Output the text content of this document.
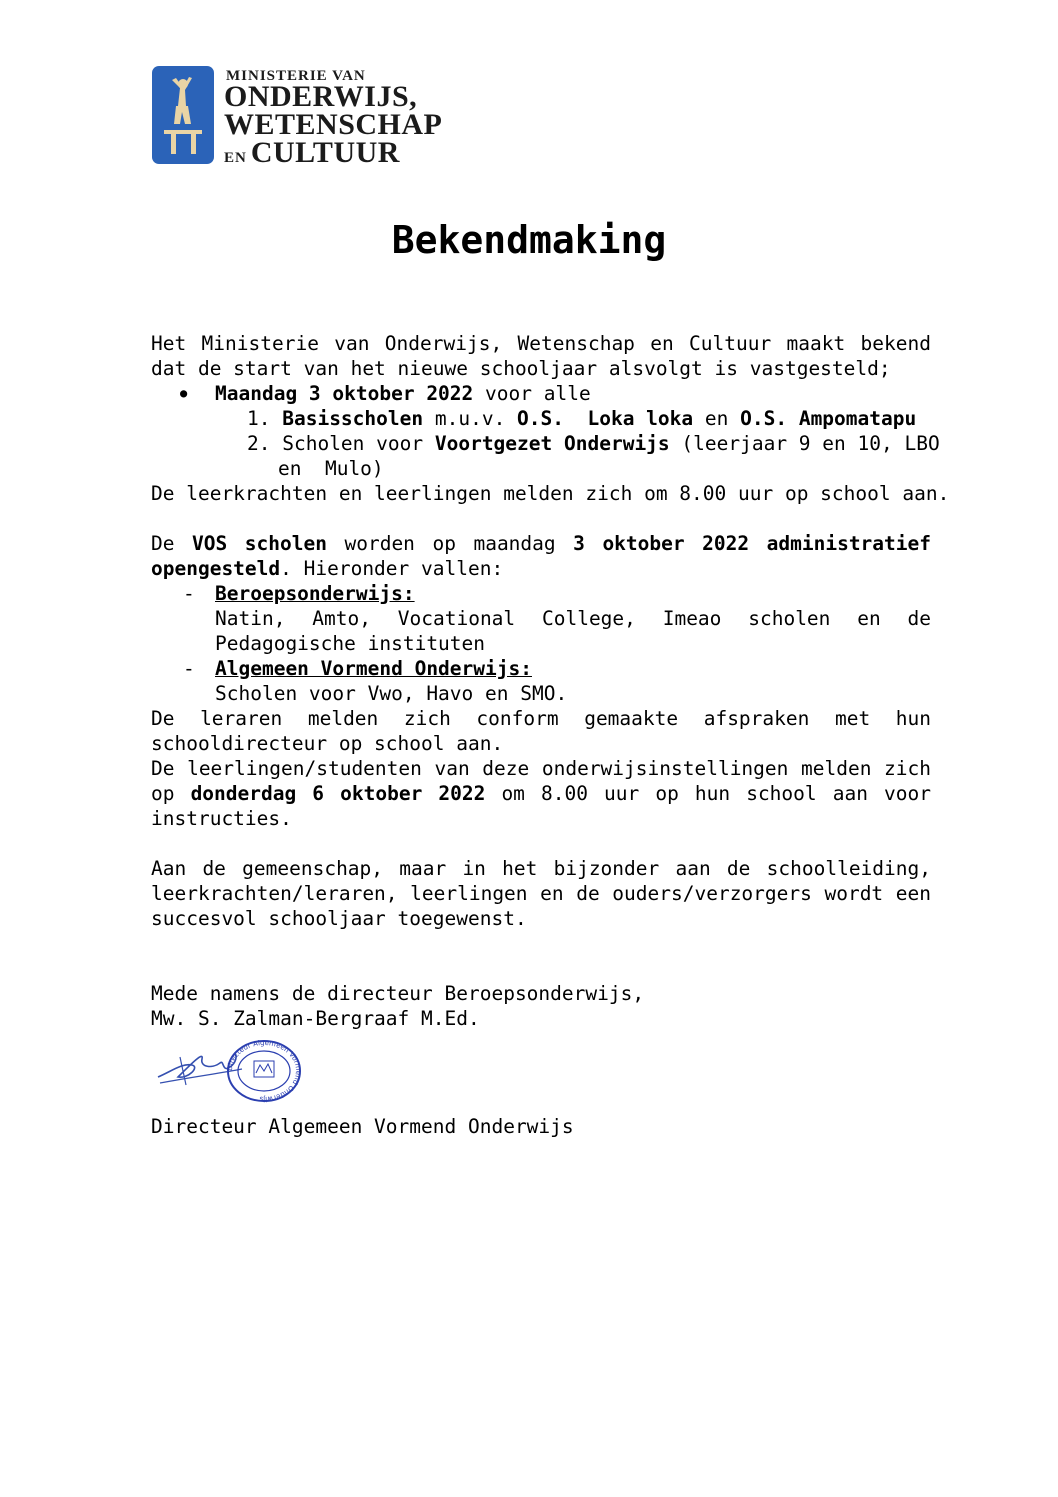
MINISTERIE VAN
ONDERWIJS,
WETENSCHAP
EN CULTUUR
Bekendmaking
Het Ministerie van Onderwijs, Wetenschap en Cultuur maakt bekend
dat de start van het nieuwe schooljaar alsvolgt is vastgesteld;
● Maandag 3 oktober 2022 voor alle
1. Basisscholen m.u.v. O.S.  Loka loka en O.S. Ampomatapu
2. Scholen voor Voortgezet Onderwijs (leerjaar 9 en 10, LBO
en  Mulo)
De leerkrachten en leerlingen melden zich om 8.00 uur op school aan.
De VOS scholen worden op maandag 3 oktober 2022 administratief
opengesteld. Hieronder vallen:
- Beroepsonderwijs:
Natin, Amto, Vocational College, Imeao scholen en de
Pedagogische instituten
- Algemeen Vormend Onderwijs:
Scholen voor Vwo, Havo en SMO.
De leraren melden zich conform gemaakte afspraken met hun
schooldirecteur op school aan.
De leerlingen/studenten van deze onderwijsinstellingen melden zich
op donderdag 6 oktober 2022 om 8.00 uur op hun school aan voor
instructies.
Aan de gemeenschap, maar in het bijzonder aan de schoolleiding,
leerkrachten/leraren, leerlingen en de ouders/verzorgers wordt een
succesvol schooljaar toegewenst.
Mede namens de directeur Beroepsonderwijs,
Mw. S. Zalman-Bergraaf M.Ed.
Directeur Algemeen Vormend Onderwijs
Directeur Algemeen Vormend Onderwijs
